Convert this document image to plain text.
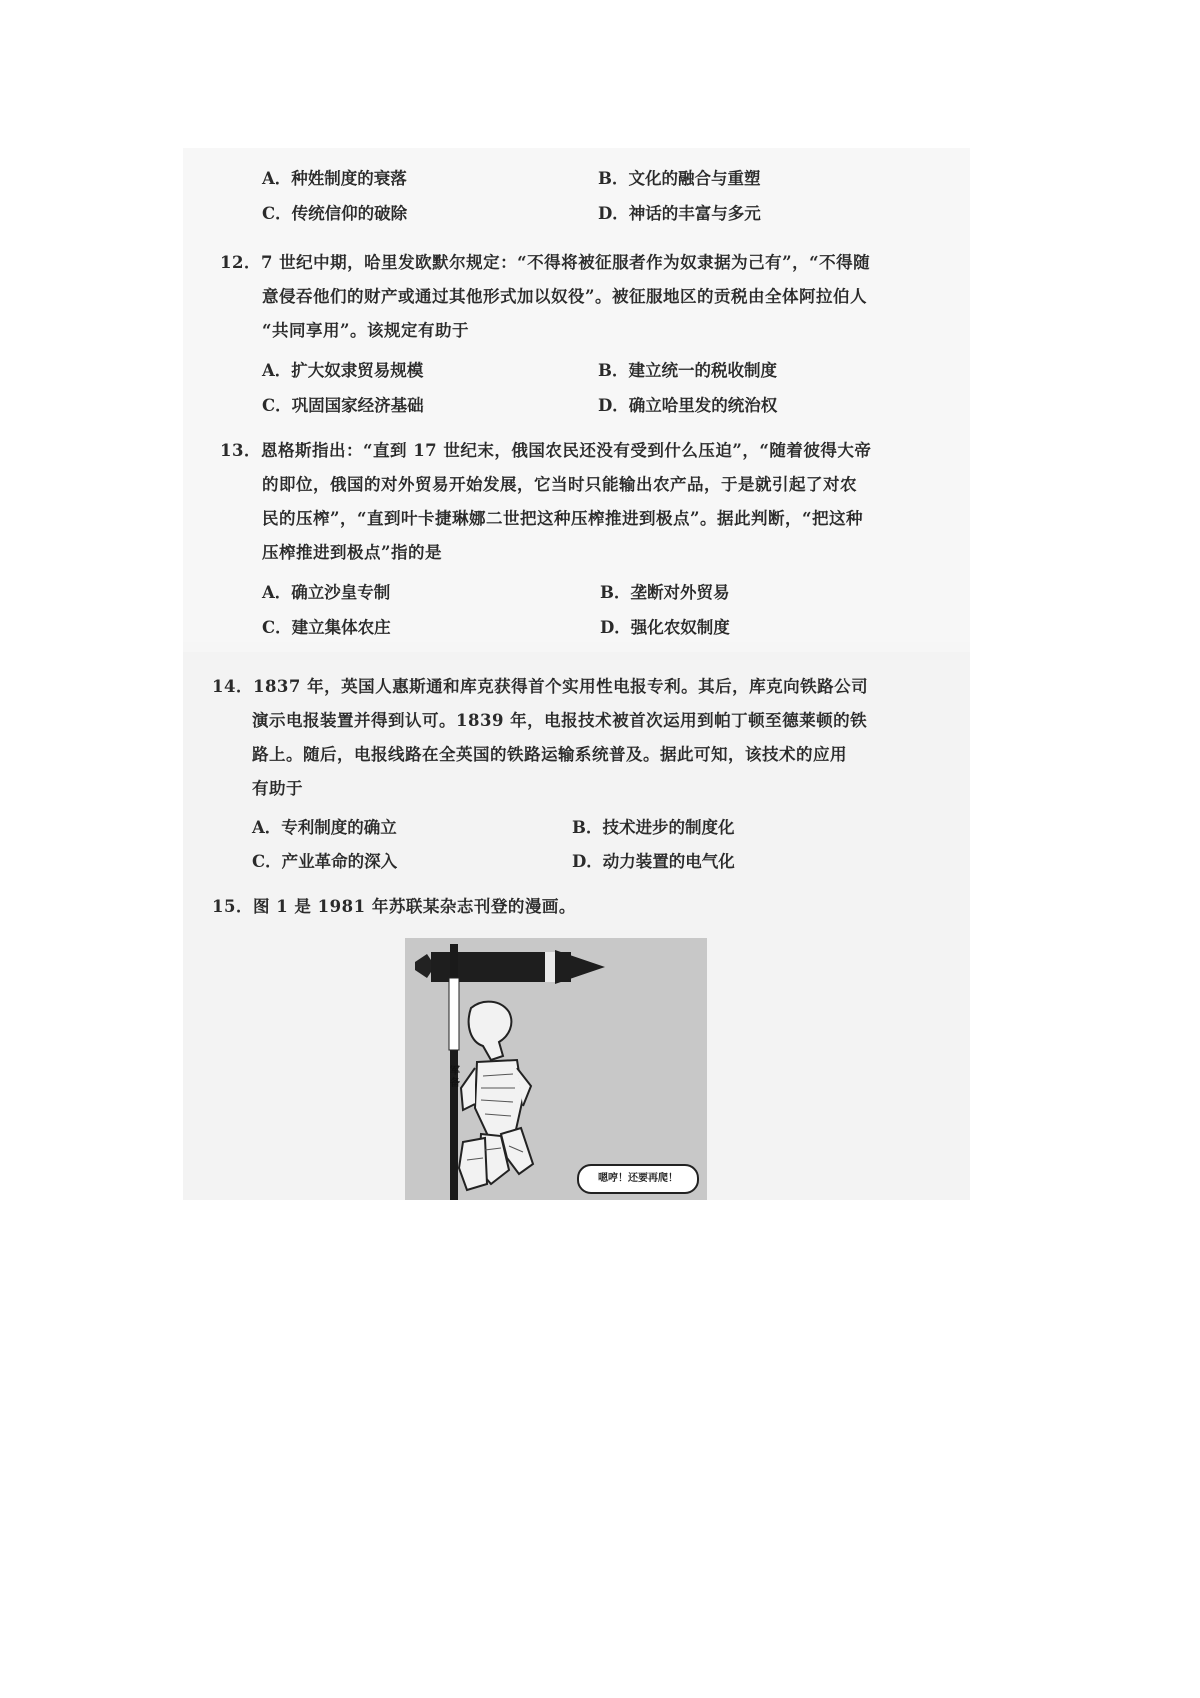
A．种姓制度的衰落	B．文化的融合与重塑
C．传统信仰的破除	D．神话的丰富与多元
12．7 世纪中期，哈里发欧默尔规定：“不得将被征服者作为奴隶据为己有”，“不得随
意侵吞他们的财产或通过其他形式加以奴役”。被征服地区的贡税由全体阿拉伯人
“共同享用”。该规定有助于
A．扩大奴隶贸易规模	B．建立统一的税收制度
C．巩固国家经济基础	D．确立哈里发的统治权
13．恩格斯指出：“直到 17 世纪末，俄国农民还没有受到什么压迫”，“随着彼得大帝
的即位，俄国的对外贸易开始发展，它当时只能输出农产品，于是就引起了对农
民的压榨”，“直到叶卡捷琳娜二世把这种压榨推进到极点”。据此判断，“把这种
压榨推进到极点”指的是
A．确立沙皇专制	B．垄断对外贸易
C．建立集体农庄	D．强化农奴制度
14．1837 年，英国人惠斯通和库克获得首个实用性电报专利。其后，库克向铁路公司
演示电报装置并得到认可。1839 年，电报技术被首次运用到帕丁顿至德莱顿的铁
路上。随后，电报线路在全英国的铁路运输系统普及。据此可知，该技术的应用
有助于
A．专利制度的确立	B．技术进步的制度化
C．产业革命的深入	D．动力装置的电气化
15．图 1 是 1981 年苏联某杂志刊登的漫画。
军备
嗯哼！还要再爬！
